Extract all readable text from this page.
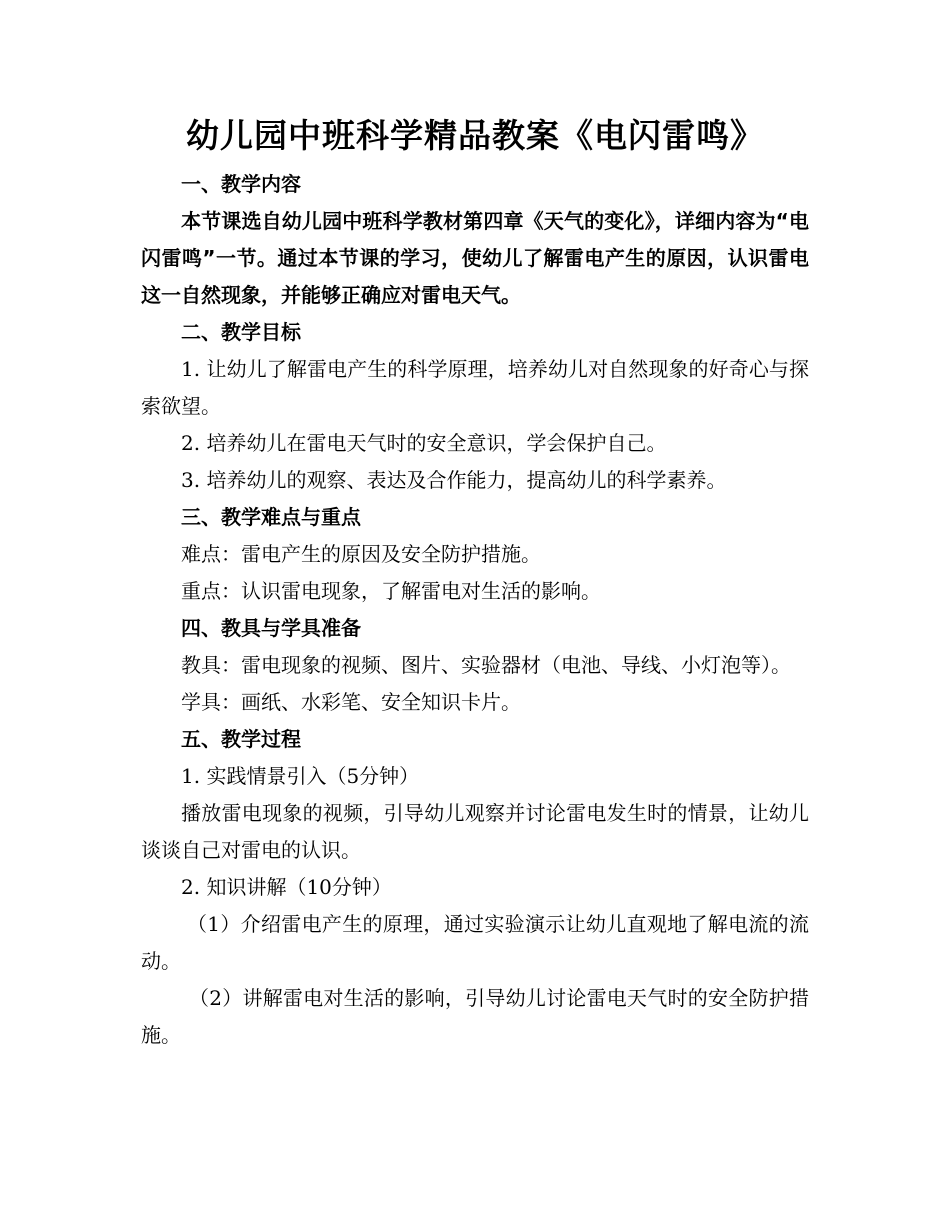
幼儿园中班科学精品教案《电闪雷鸣》

一、教学内容

本节课选自幼儿园中班科学教材第四章《天气的变化》，详细内容为“电闪雷鸣”一节。通过本节课的学习，使幼儿了解雷电产生的原因，认识雷电这一自然现象，并能够正确应对雷电天气。

二、教学目标

1. 让幼儿了解雷电产生的科学原理，培养幼儿对自然现象的好奇心与探索欲望。

2. 培养幼儿在雷电天气时的安全意识，学会保护自己。

3. 培养幼儿的观察、表达及合作能力，提高幼儿的科学素养。

三、教学难点与重点

难点：雷电产生的原因及安全防护措施。

重点：认识雷电现象，了解雷电对生活的影响。

四、教具与学具准备

教具：雷电现象的视频、图片、实验器材（电池、导线、小灯泡等）。

学具：画纸、水彩笔、安全知识卡片。

五、教学过程

1. 实践情景引入（5分钟）

播放雷电现象的视频，引导幼儿观察并讨论雷电发生时的情景，让幼儿谈谈自己对雷电的认识。

2. 知识讲解（10分钟）

（1）介绍雷电产生的原理，通过实验演示让幼儿直观地了解电流的流动。

（2）讲解雷电对生活的影响，引导幼儿讨论雷电天气时的安全防护措施。
